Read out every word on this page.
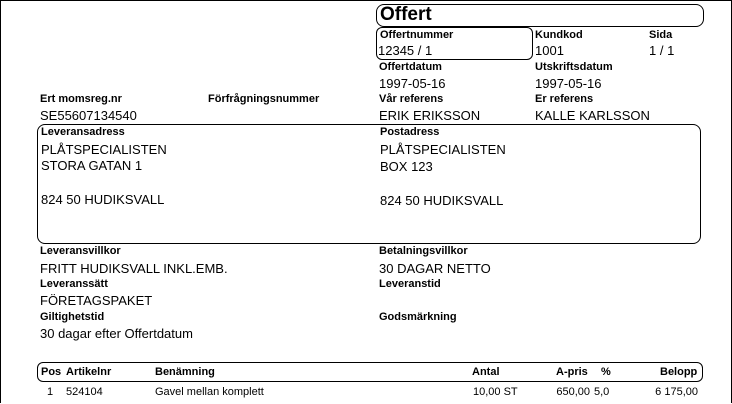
Offert
Offertnummer
12345 / 1
Kundkod
1001
Sida
1 / 1
Offertdatum
1997-05-16
Utskriftsdatum
1997-05-16
Ert momsreg.nr
SE55607134540
Förfrågningsnummer	Vår referens
ERIK ERIKSSON
Er referens
KALLE KARLSSON
Leveransadress
PLÅTSPECIALISTEN
STORA GATAN 1
824 50 HUDIKSVALL
Postadress
PLÅTSPECIALISTEN
BOX 123
824 50 HUDIKSVALL
Leveransvillkor
FRITT HUDIKSVALL INKL.EMB.
Betalningsvillkor
30 DAGAR NETTO
Leveranssätt
FÖRETAGSPAKET
Leveranstid
Giltighetstid
30 dagar efter Offertdatum
Godsmärkning
Pos Artikelnr	Benämning	Antal	A-pris %	Belopp
1 524104	Gavel mellan komplett	10,00 ST	650,00 5,0	6 175,00
